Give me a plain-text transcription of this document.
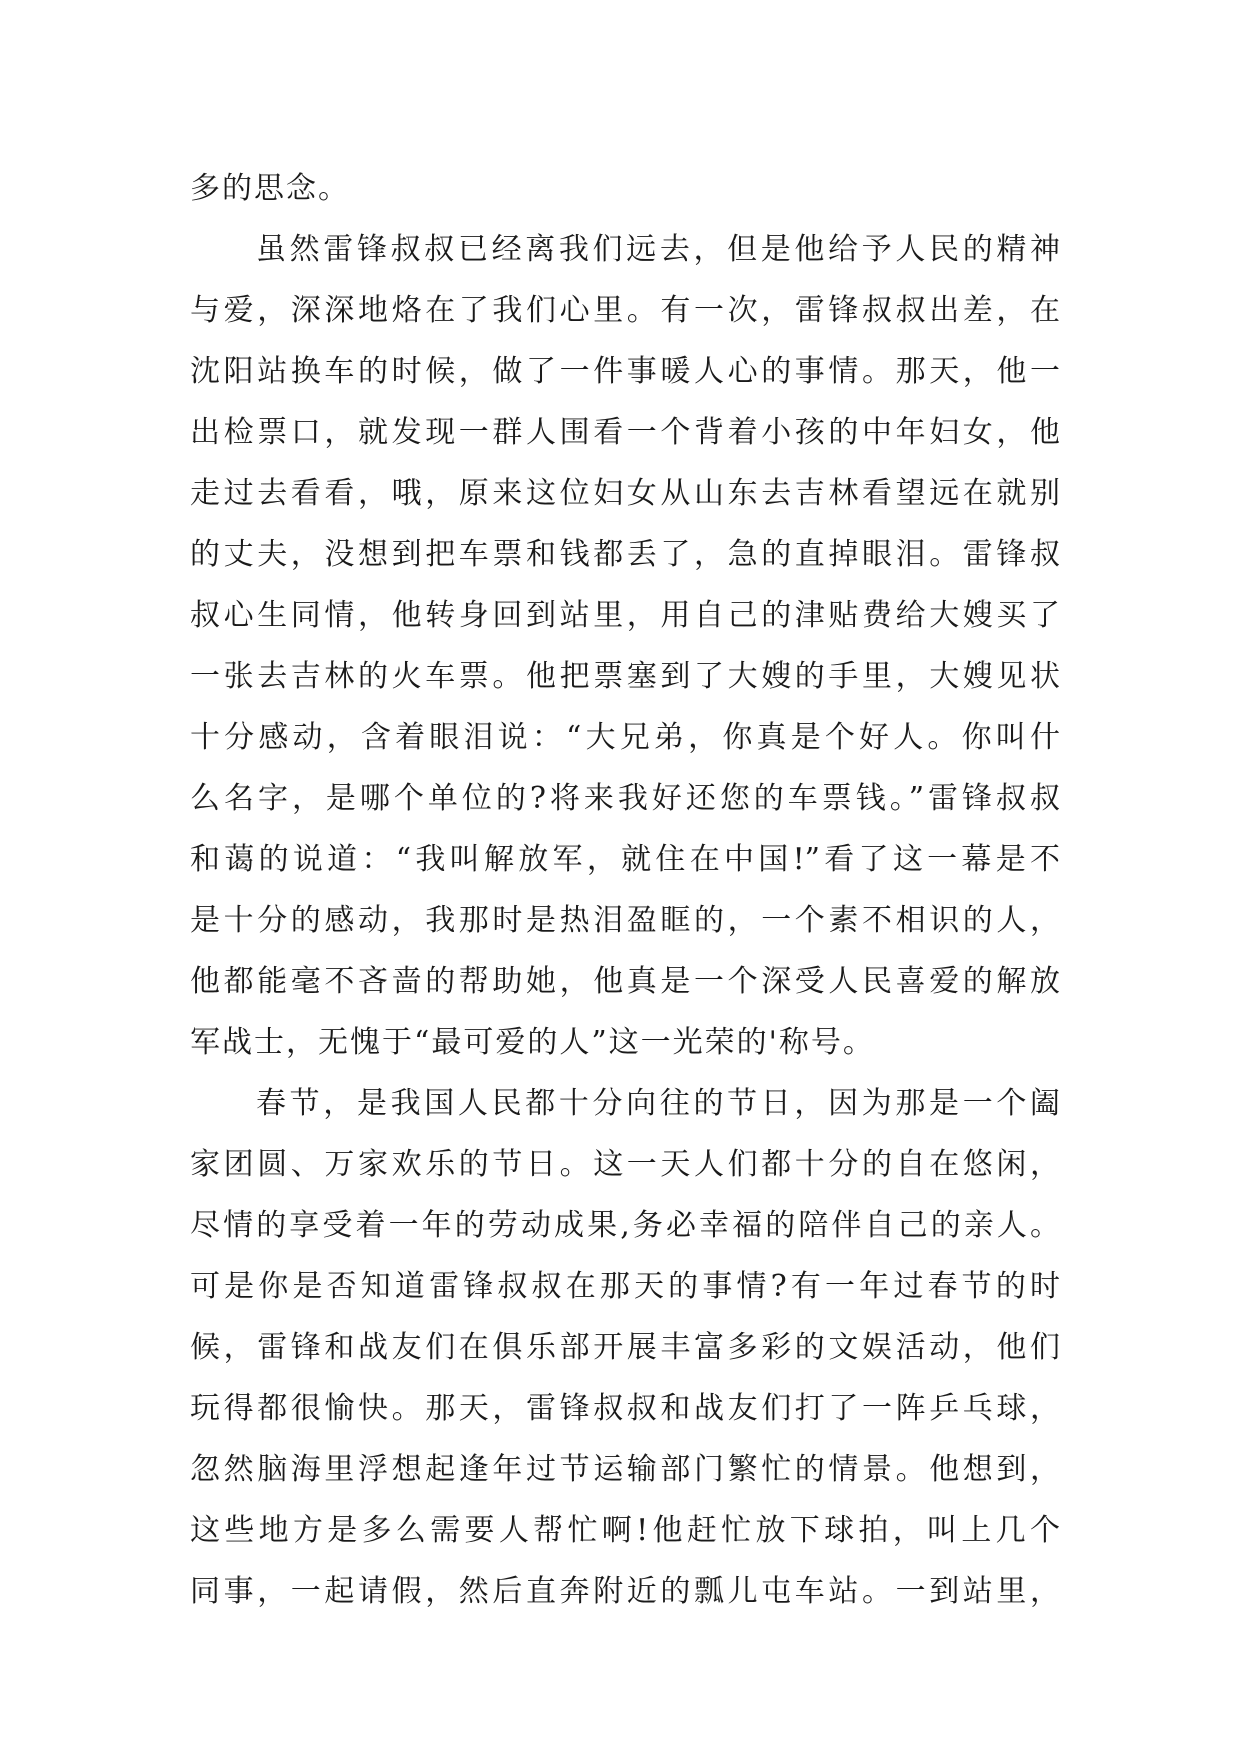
多的思念。
虽然雷锋叔叔已经离我们远去，但是他给予人民的精神
与爱，深深地烙在了我们心里。有一次，雷锋叔叔出差，在
沈阳站换车的时候，做了一件事暖人心的事情。那天，他一
出检票口，就发现一群人围看一个背着小孩的中年妇女，他
走过去看看，哦，原来这位妇女从山东去吉林看望远在就别
的丈夫，没想到把车票和钱都丢了，急的直掉眼泪。雷锋叔
叔心生同情，他转身回到站里，用自己的津贴费给大嫂买了
一张去吉林的火车票。他把票塞到了大嫂的手里，大嫂见状
十分感动，含着眼泪说：“大兄弟，你真是个好人。你叫什
么名字，是哪个单位的?将来我好还您的车票钱。”雷锋叔叔
和蔼的说道：“我叫解放军，就住在中国!”看了这一幕是不
是十分的感动，我那时是热泪盈眶的，一个素不相识的人，
他都能毫不吝啬的帮助她，他真是一个深受人民喜爱的解放
军战士，无愧于“最可爱的人”这一光荣的'称号。
春节，是我国人民都十分向往的节日，因为那是一个阖
家团圆、万家欢乐的节日。这一天人们都十分的自在悠闲，
尽情的享受着一年的劳动成果,务必幸福的陪伴自己的亲人。
可是你是否知道雷锋叔叔在那天的事情?有一年过春节的时
候，雷锋和战友们在俱乐部开展丰富多彩的文娱活动，他们
玩得都很愉快。那天，雷锋叔叔和战友们打了一阵乒乓球，
忽然脑海里浮想起逢年过节运输部门繁忙的情景。他想到，
这些地方是多么需要人帮忙啊!他赶忙放下球拍，叫上几个
同事，一起请假，然后直奔附近的瓢儿屯车站。一到站里，
